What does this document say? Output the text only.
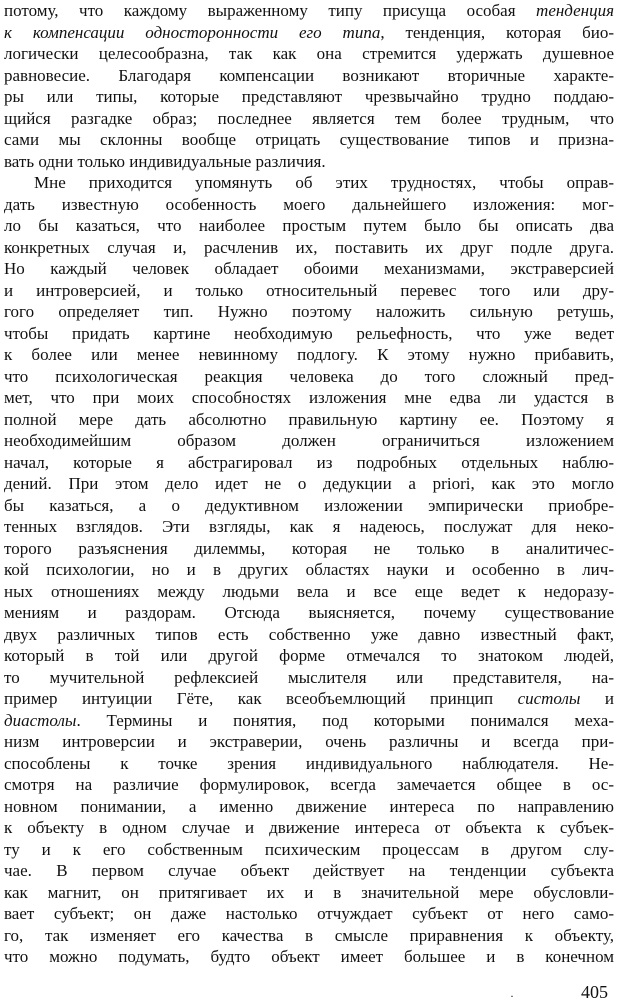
потому, что каждому выраженному типу присуща особая тенденция
к компенсации односторонности его типа, тенденция, которая био-
логически целесообразна, так как она стремится удержать душевное
равновесие. Благодаря компенсации возникают вторичные характе-
ры или типы, которые представляют чрезвычайно трудно поддаю-
щийся разгадке образ; последнее является тем более трудным, что
сами мы склонны вообще отрицать существование типов и призна-
вать одни только индивидуальные различия.
Мне приходится упомянуть об этих трудностях, чтобы оправ-
дать известную особенность моего дальнейшего изложения: мог-
ло бы казаться, что наиболее простым путем было бы описать два
конкретных случая и, расчленив их, поставить их друг подле друга.
Но каждый человек обладает обоими механизмами, экстраверсией
и интроверсией, и только относительный перевес того или дру-
гого определяет тип. Нужно поэтому наложить сильную ретушь,
чтобы придать картине необходимую рельефность, что уже ведет
к более или менее невинному подлогу. К этому нужно прибавить,
что психологическая реакция человека до того сложный пред-
мет, что при моих способностях изложения мне едва ли удастся в
полной мере дать абсолютно правильную картину ее. Поэтому я
необходимейшим образом должен ограничиться изложением
начал, которые я абстрагировал из подробных отдельных наблю-
дений. При этом дело идет не о дедукции a priori, как это могло
бы казаться, а о дедуктивном изложении эмпирически приобре-
тенных взглядов. Эти взгляды, как я надеюсь, послужат для неко-
торого разъяснения дилеммы, которая не только в аналитичес-
кой психологии, но и в других областях науки и особенно в лич-
ных отношениях между людьми вела и все еще ведет к недоразу-
мениям и раздорам. Отсюда выясняется, почему существование
двух различных типов есть собственно уже давно известный факт,
который в той или другой форме отмечался то знатоком людей,
то мучительной рефлексией мыслителя или представителя, на-
пример интуиции Гёте, как всеобъемлющий принцип систолы и
диастолы. Термины и понятия, под которыми понимался меха-
низм интроверсии и экстраверии, очень различны и всегда при-
способлены к точке зрения индивидуального наблюдателя. Не-
смотря на различие формулировок, всегда замечается общее в ос-
новном понимании, а именно движение интереса по направлению
к объекту в одном случае и движение интереса от объекта к субъек-
ту и к его собственным психическим процессам в другом слу-
чае. В первом случае объект действует на тенденции субъекта
как магнит, он притягивает их и в значительной мере обусловли-
вает субъект; он даже настолько отчуждает субъект от него само-
го, так изменяет его качества в смысле приравнения к объекту,
что можно подумать, будто объект имеет большее и в конечном
·	405
